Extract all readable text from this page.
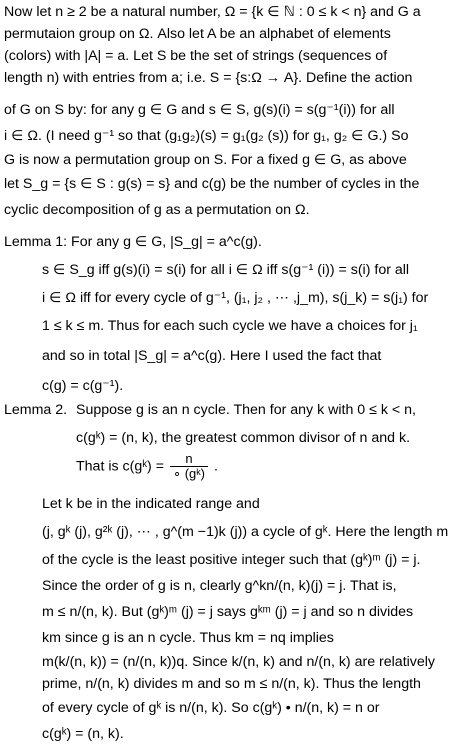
Now let n ≥ 2 be a natural number, Ω = {k ∈ ℕ : 0 ≤ k < n} and G a
permutaion group on Ω. Also let A be an alphabet of elements
(colors) with |A| = a. Let S be the set of strings (sequences of
length n) with entries from a; i.e. S = {s:Ω → A}. Define the action
of G on S by: for any g ∈ G and s ∈ S, g(s)(i) = s(g⁻¹(i)) for all
i ∈ Ω. (I need g⁻¹ so that (g₁g₂)(s) = g₁(g₂ (s)) for g₁, g₂ ∈ G.) So
G is now a permutation group on S. For a fixed g ∈ G, as above
let S_g = {s ∈ S : g(s) = s} and c(g) be the number of cycles in the
cyclic decomposition of g as a permutation on Ω.
Lemma 1: For any g ∈ G, |S_g| = a^c(g).
s ∈ S_g iff g(s)(i) = s(i) for all i ∈ Ω iff s(g⁻¹ (i)) = s(i) for all
i ∈ Ω iff for every cycle of g⁻¹, (j₁, j₂ , ⋯ ,j_m), s(j_k) = s(j₁) for
1 ≤ k ≤ m. Thus for each such cycle we have a choices for j₁
and so in total |S_g| = a^c(g). Here I used the fact that
c(g) = c(g⁻¹).
Lemma 2. Suppose g is an n cycle. Then for any k with 0 ≤ k < n,
c(gᵏ) = (n, k), the greatest common divisor of n and k.
That is c(gᵏ) = $\frac{n}{\text{∘ (gᵏ)}}$ .
Let k be in the indicated range and
(j, gᵏ (j), g²ᵏ (j), ⋯ , g^(m −1)k (j)) a cycle of gᵏ. Here the length m
of the cycle is the least positive integer such that (gᵏ)ᵐ (j) = j.
Since the order of g is n, clearly g^kn/(n, k)(j) = j. That is,
m ≤ n/(n, k). But (gᵏ)ᵐ (j) = j says gᵏᵐ (j) = j and so n divides
km since g is an n cycle. Thus km = nq implies
m(k/(n, k)) = (n/(n, k))q. Since k/(n, k) and n/(n, k) are relatively
prime, n/(n, k) divides m and so m ≤ n/(n, k). Thus the length
of every cycle of gᵏ is n/(n, k). So c(gᵏ) • n/(n, k) = n or
c(gᵏ) = (n, k).
